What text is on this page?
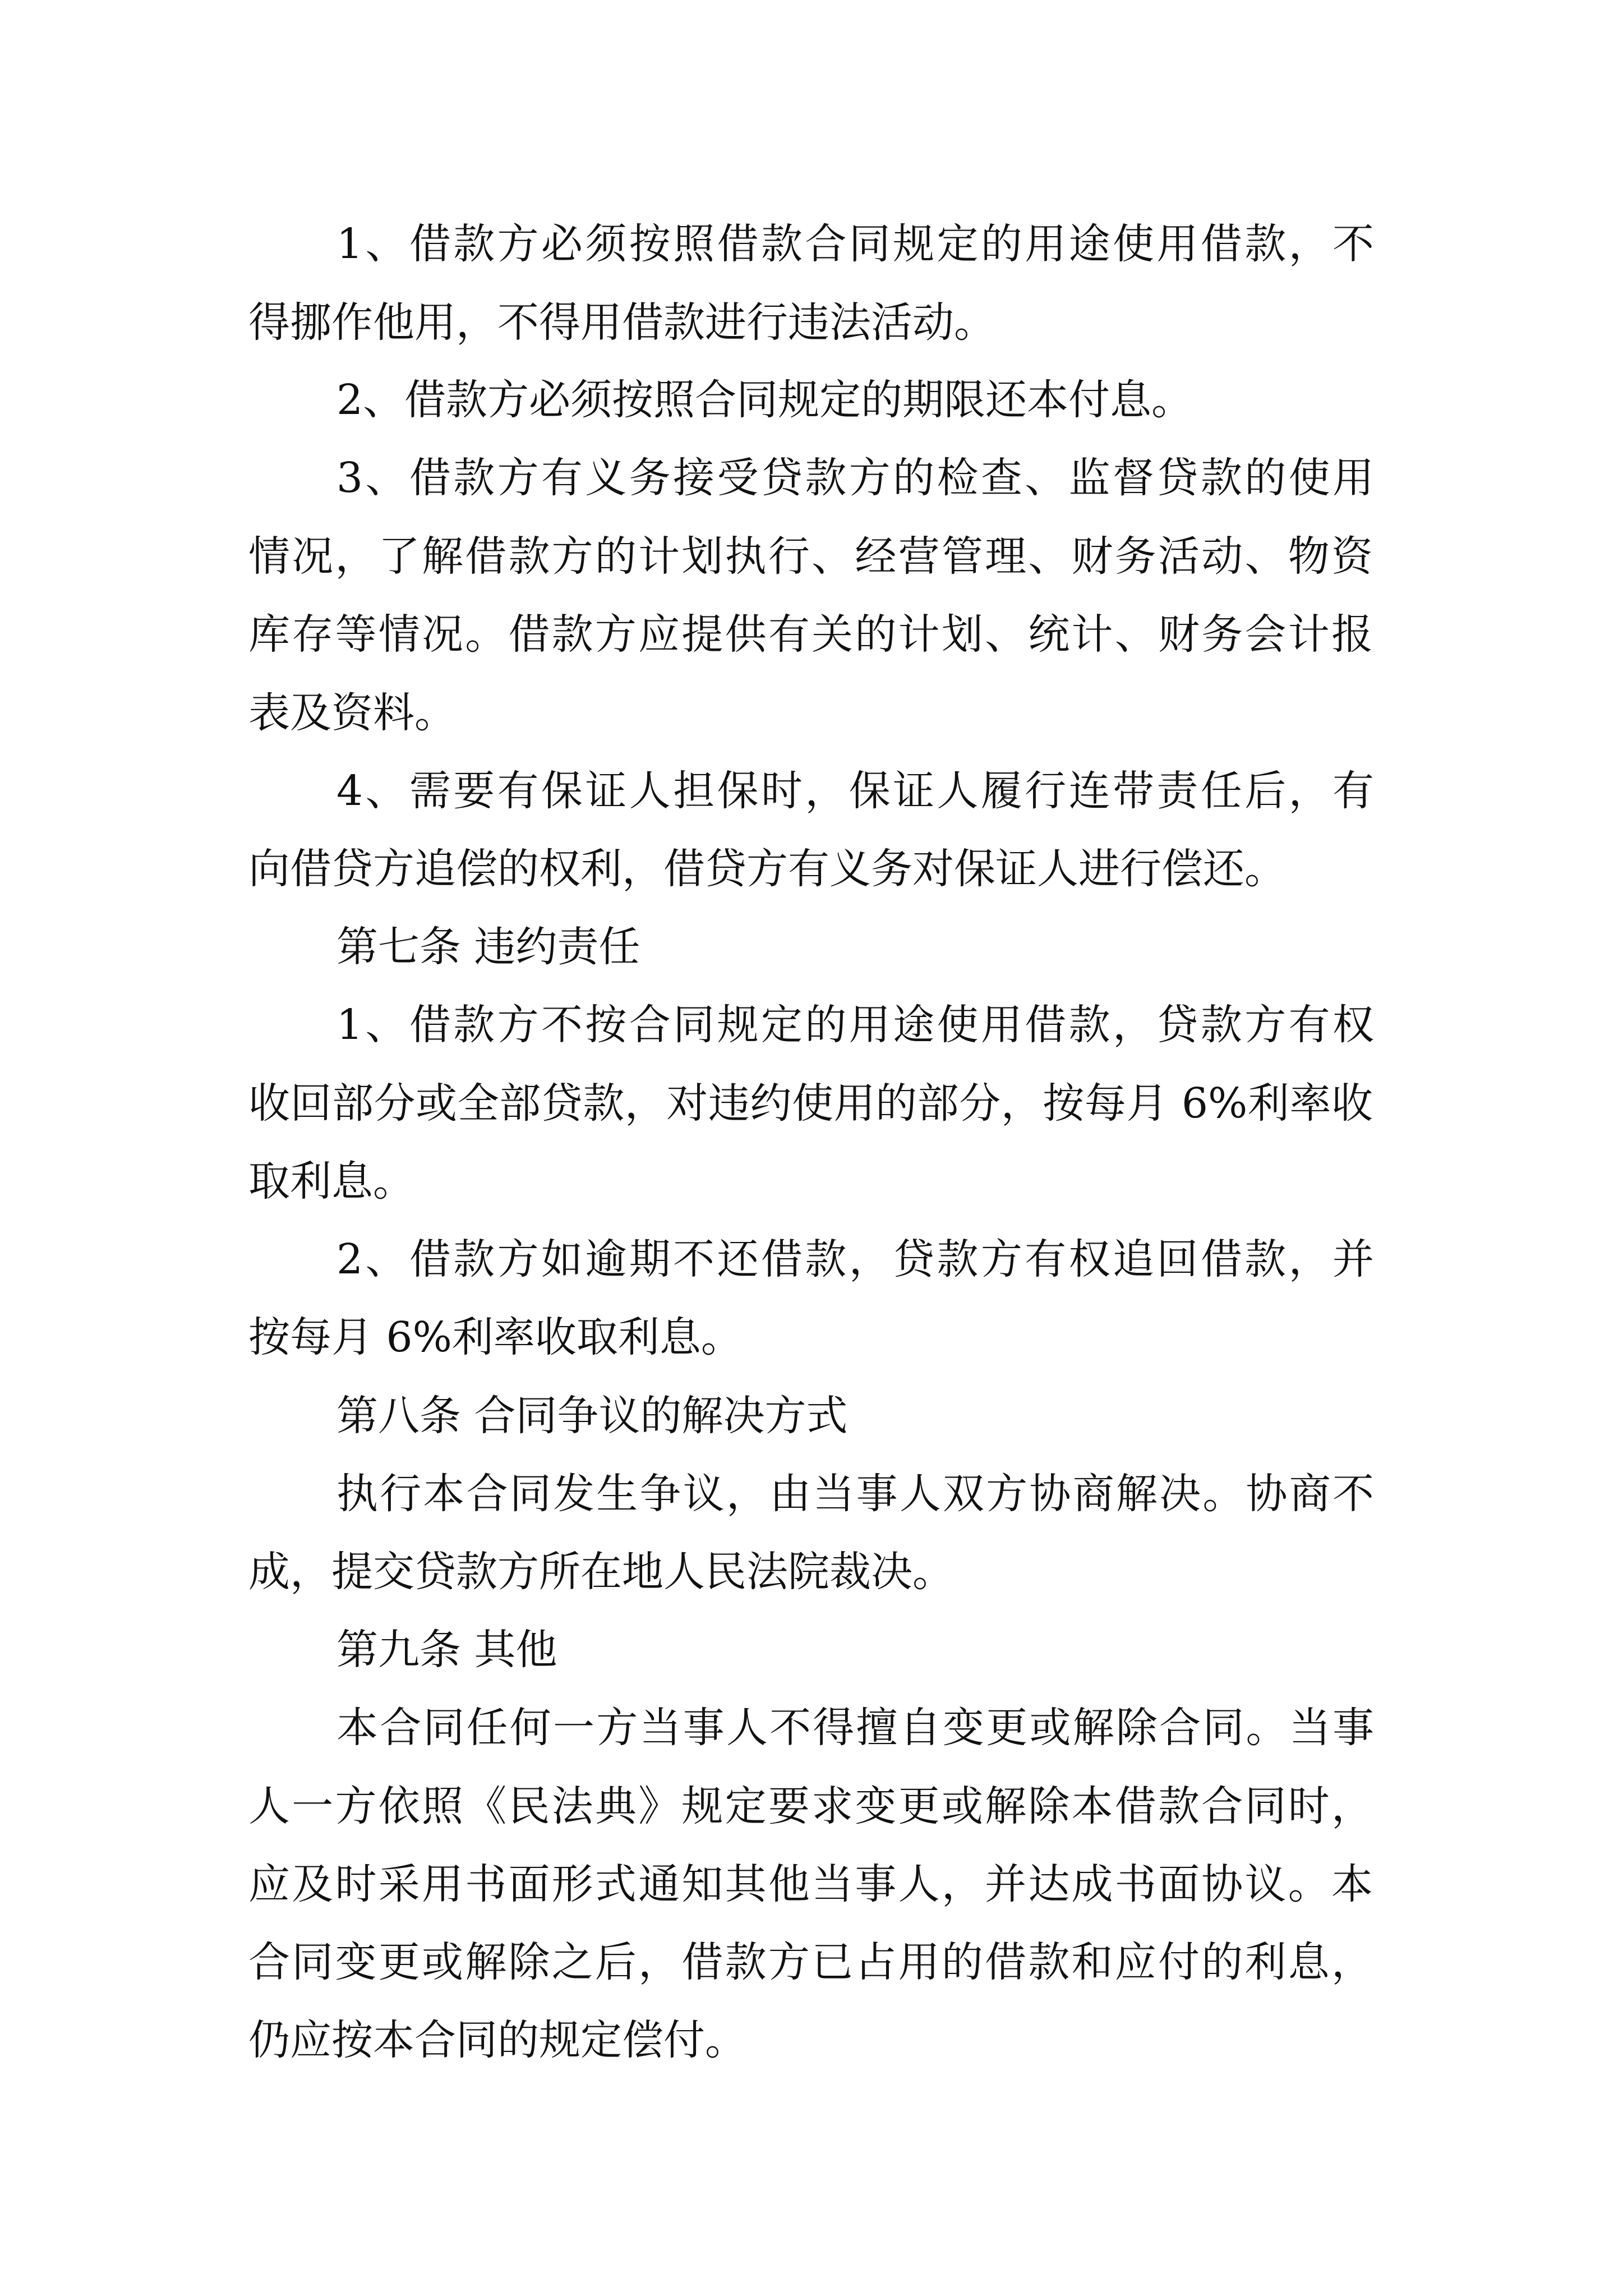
1、借款方必须按照借款合同规定的用途使用借款，不

得挪作他用，不得用借款进行违法活动。

2、借款方必须按照合同规定的期限还本付息。

3、借款方有义务接受贷款方的检查、监督贷款的使用

情况，了解借款方的计划执行、经营管理、财务活动、物资

库存等情况。借款方应提供有关的计划、统计、财务会计报

表及资料。

4、需要有保证人担保时，保证人履行连带责任后，有

向借贷方追偿的权利，借贷方有义务对保证人进行偿还。

第七条 违约责任

1、借款方不按合同规定的用途使用借款，贷款方有权

收回部分或全部贷款，对违约使用的部分，按每月 6%利率收

取利息。

2、借款方如逾期不还借款，贷款方有权追回借款，并

按每月 6%利率收取利息。

第八条 合同争议的解决方式

执行本合同发生争议，由当事人双方协商解决。协商不

成，提交贷款方所在地人民法院裁决。

第九条 其他

本合同任何一方当事人不得擅自变更或解除合同。当事

人一方依照《民法典》规定要求变更或解除本借款合同时，

应及时采用书面形式通知其他当事人，并达成书面协议。本

合同变更或解除之后，借款方已占用的借款和应付的利息，

仍应按本合同的规定偿付。
